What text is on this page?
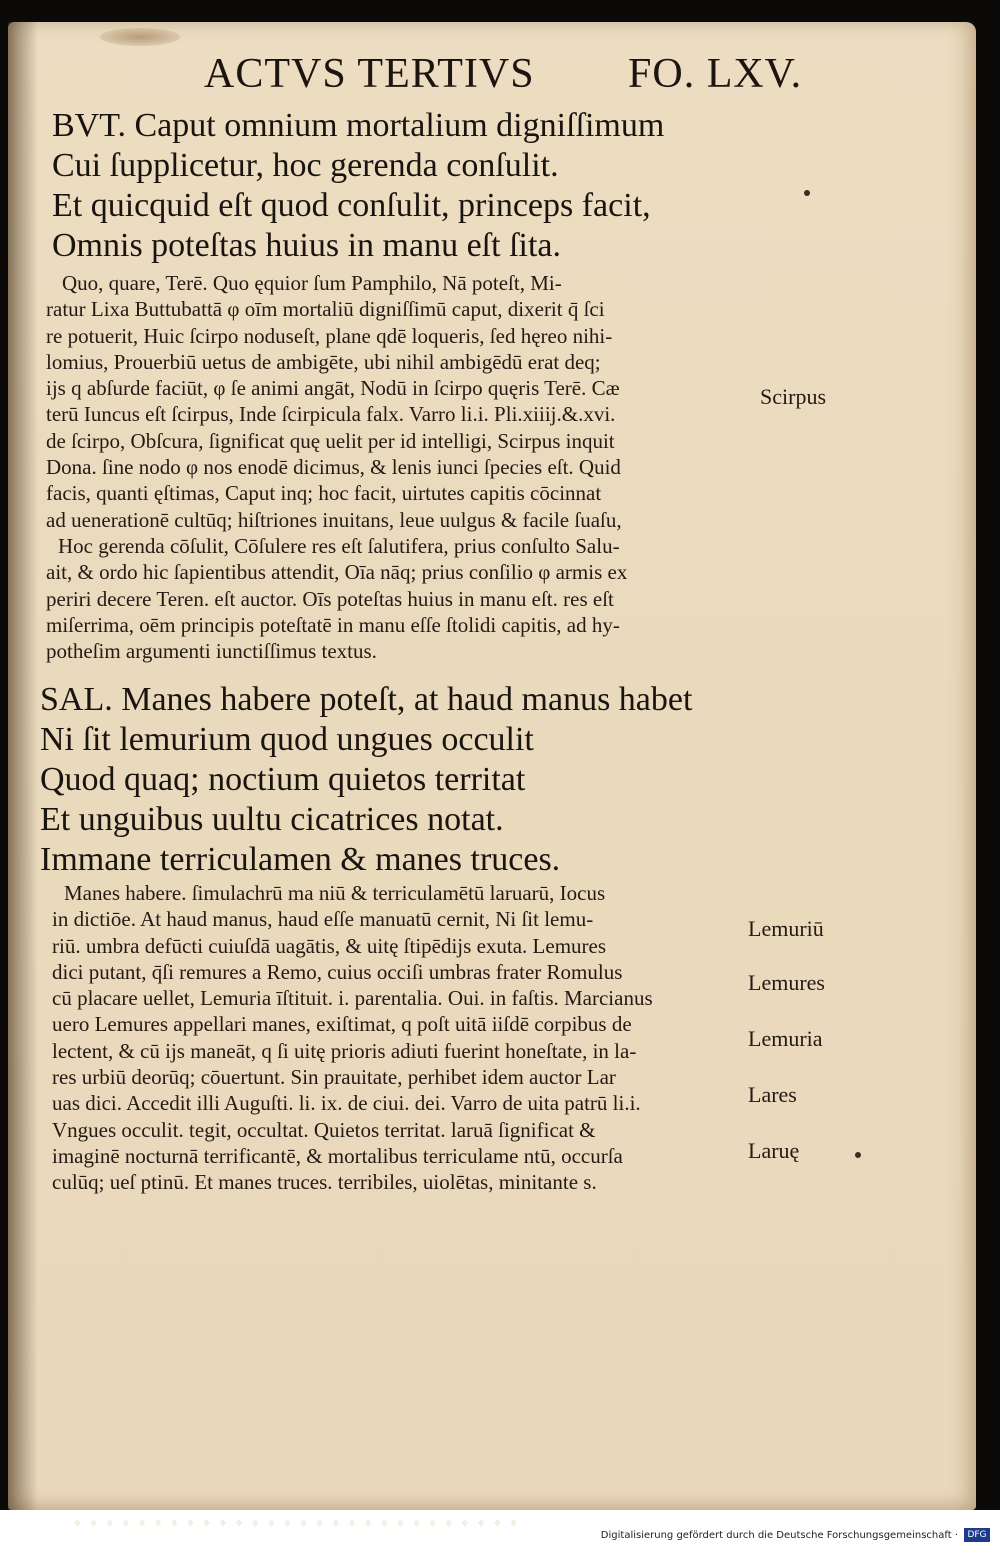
ACTVS TERTIVS FO. LXV.
BVT. Caput omnium mortalium digniſſimum
Cui ſupplicetur, hoc gerenda conſulit.
Et quicquid eſt quod conſulit, princeps facit,
Omnis poteſtas huius in manu eſt ſita.
Quo, quare, Terē. Quo ęquior ſum Pamphilo, Nā poteſt, Mi-
ratur Lixa Buttubattā φ oīm mortaliū digniſſimū caput, dixerit q̄ ſci
re potuerit, Huic ſcirpo noduseſt, plane qdē loqueris, ſed hęreo nihi-
lomius, Prouerbiū uetus de ambigēte, ubi nihil ambigēdū erat deq;
ijs q abſurde faciūt, φ ſe animi angāt, Nodū in ſcirpo quęris Terē. Cæ
terū Iuncus eſt ſcirpus, Inde ſcirpicula falx. Varro li.i. Pli.xiiij.&.xvi.
de ſcirpo, Obſcura, ſignificat quę uelit per id intelligi, Scirpus inquit
Dona. ſine nodo φ nos enodē dicimus, & lenis iunci ſpecies eſt. Quid
facis, quanti ęſtimas, Caput inq; hoc facit, uirtutes capitis cōcinnat
ad uenerationē cultūq; hiſtriones inuitans, leue uulgus & facile ſuaſu,
Hoc gerenda cōſulit, Cōſulere res eſt ſalutifera, prius conſulto Salu-
ait, & ordo hic ſapientibus attendit, Oīa nāq; prius conſilio φ armis ex
periri decere Teren. eſt auctor. Oīs poteſtas huius in manu eſt. res eſt
miſerrima, oēm principis poteſtatē in manu eſſe ſtolidi capitis, ad hy-
potheſim argumenti iunctiſſimus textus.
SAL. Manes habere poteſt, at haud manus habet
Ni ſit lemurium quod ungues occulit
Quod quaq; noctium quietos territat
Et unguibus uultu cicatrices notat.
Immane terriculamen & manes truces.
Manes habere. ſimulachrū ma niū & terriculamētū laruarū, Iocus
in dictiōe. At haud manus, haud eſſe manuatū cernit, Ni ſit lemu-
riū. umbra defūcti cuiuſdā uagātis, & uitę ſtipēdijs exuta. Lemures
dici putant, q̄ſi remures a Remo, cuius occiſi umbras frater Romulus
cū placare uellet, Lemuria īſtituit. i. parentalia. Oui. in faſtis. Marcianus
uero Lemures appellari manes, exiſtimat, q poſt uitā iiſdē corpibus de
lectent, & cū ijs maneāt, q ſi uitę prioris adiuti fuerint honeſtate, in la-
res urbiū deorūq; cōuertunt. Sin prauitate, perhibet idem auctor Lar
uas dici. Accedit illi Auguſti. li. ix. de ciui. dei. Varro de uita patrū li.i.
Vngues occulit. tegit, occultat. Quietos territat. laruā ſignificat &
imaginē nocturnā terrificantē, & mortalibus terriculame ntū, occurſa
culūq; ueſ ptinū. Et manes truces. terribiles, uiolētas, minitante s.
Scirpus
Lemuriū
Lemures
Lemuria
Lares
Laruę
♦♦♦♦♦♦♦♦♦♦♦♦♦♦♦♦♦♦♦♦♦♦♦♦♦♦♦♦
Digitalisierung gefördert durch die Deutsche Forschungsgemeinschaft ·	DFG
